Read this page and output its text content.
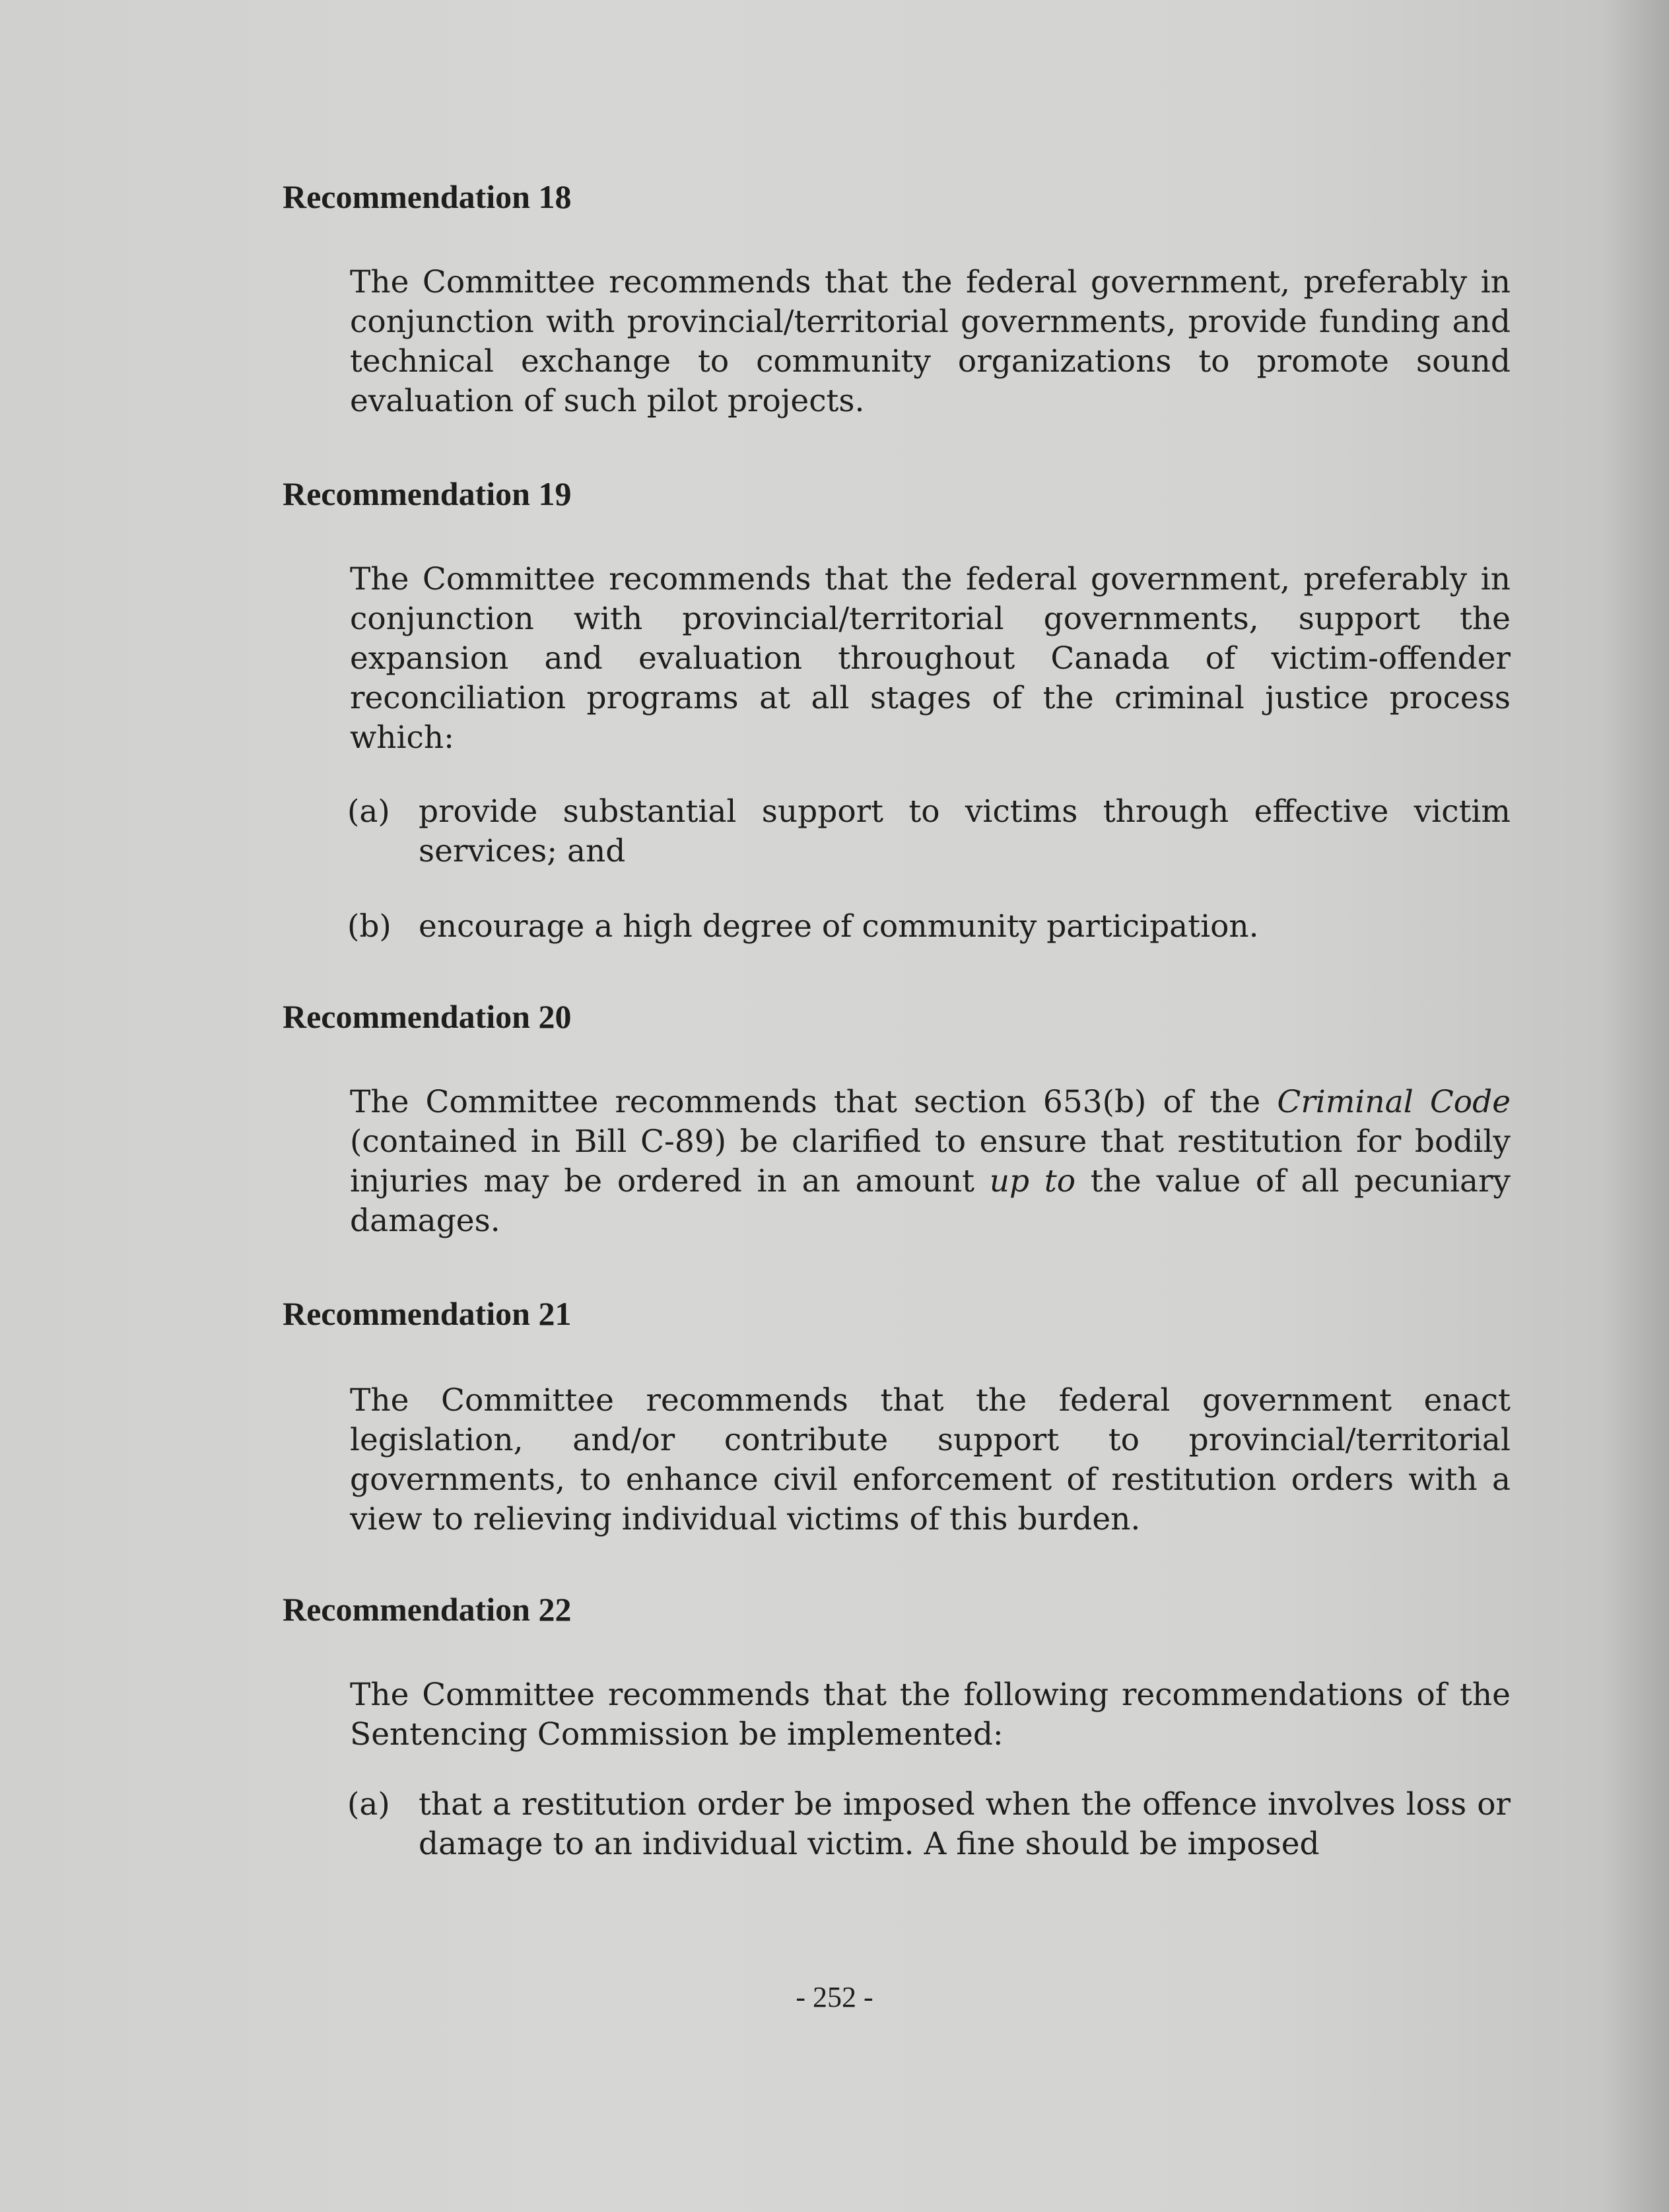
Recommendation 18

The Committee recommends that the federal government, preferably in conjunction with provincial/territorial governments, provide funding and technical exchange to community organizations to promote sound evaluation of such pilot projects.

Recommendation 19

The Committee recommends that the federal government, preferably in conjunction with provincial/territorial governments, support the expansion and evaluation throughout Canada of victim-offender reconciliation programs at all stages of the criminal justice process which:

(a) provide substantial support to victims through effective victim services; and
(b) encourage a high degree of community participation.
Recommendation 20

The Committee recommends that section 653(b) of the Criminal Code (contained in Bill C-89) be clarified to ensure that restitution for bodily injuries may be ordered in an amount up to the value of all pecuniary damages.

Recommendation 21

The Committee recommends that the federal government enact legislation, and/or contribute support to provincial/territorial governments, to enhance civil enforcement of restitution orders with a view to relieving individual victims of this burden.

Recommendation 22

The Committee recommends that the following recommendations of the Sentencing Commission be implemented:

(a) that a restitution order be imposed when the offence involves loss or damage to an individual victim. A fine should be imposed

- 252 -
